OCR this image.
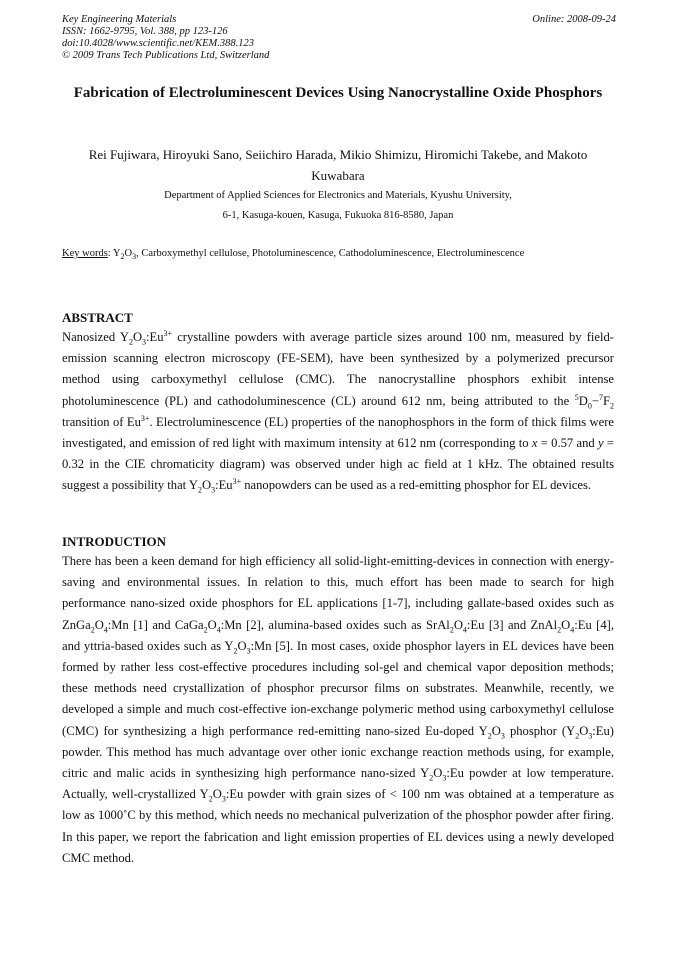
Key Engineering Materials
ISSN: 1662-9795, Vol. 388, pp 123-126
doi:10.4028/www.scientific.net/KEM.388.123
© 2009 Trans Tech Publications Ltd, Switzerland
Online: 2008-09-24
Fabrication of Electroluminescent Devices Using Nanocrystalline Oxide Phosphors
Rei Fujiwara, Hiroyuki Sano, Seiichiro Harada, Mikio Shimizu, Hiromichi Takebe, and Makoto Kuwabara
Department of Applied Sciences for Electronics and Materials, Kyushu University,
6-1, Kasuga-kouen, Kasuga, Fukuoka 816-8580, Japan
Key words: $Y_2O_3$, Carboxymethyl cellulose, Photoluminescence, Cathodoluminescence, Electroluminescence
ABSTRACT

Nanosized $Y_2O_3:Eu^{3+}$ crystalline powders with average particle sizes around 100 nm, measured by field-emission scanning electron microscopy (FE-SEM), have been synthesized by a polymerized precursor method using carboxymethyl cellulose (CMC). The nanocrystalline phosphors exhibit intense photoluminescence (PL) and cathodoluminescence (CL) around 612 nm, being attributed to the $^5D_0-^7F_2$ transition of $Eu^{3+}$. Electroluminescence (EL) properties of the nanophosphors in the form of thick films were investigated, and emission of red light with maximum intensity at 612 nm (corresponding to x = 0.57 and y = 0.32 in the CIE chromaticity diagram) was observed under high ac field at 1 kHz. The obtained results suggest a possibility that $Y_2O_3:Eu^{3+}$ nanopowders can be used as a red-emitting phosphor for EL devices.

INTRODUCTION

There has been a keen demand for high efficiency all solid-light-emitting-devices in connection with energy-saving and environmental issues. In relation to this, much effort has been made to search for high performance nano-sized oxide phosphors for EL applications [1-7], including gallate-based oxides such as $ZnGa_2O_4:Mn$ [1] and $CaGa_2O_4:Mn$ [2], alumina-based oxides such as $SrAl_2O_4:Eu$ [3] and $ZnAl_2O_4:Eu$ [4], and yttria-based oxides such as $Y_2O_3:Mn$ [5]. In most cases, oxide phosphor layers in EL devices have been formed by rather less cost-effective procedures including sol-gel and chemical vapor deposition methods; these methods need crystallization of phosphor precursor films on substrates. Meanwhile, recently, we developed a simple and much cost-effective ion-exchange polymeric method using carboxymethyl cellulose (CMC) for synthesizing a high performance red-emitting nano-sized Eu-doped $Y_2O_3$ phosphor $(Y_2O_3:Eu)$ powder. This method has much advantage over other ionic exchange reaction methods using, for example, citric and malic acids in synthesizing high performance nano-sized $Y_2O_3:Eu$ powder at low temperature. Actually, well-crystallized $Y_2O_3:Eu$ powder with grain sizes of < 100 nm was obtained at a temperature as low as 1000˚C by this method, which needs no mechanical pulverization of the phosphor powder after firing. In this paper, we report the fabrication and light emission properties of EL devices using a newly developed CMC method.
